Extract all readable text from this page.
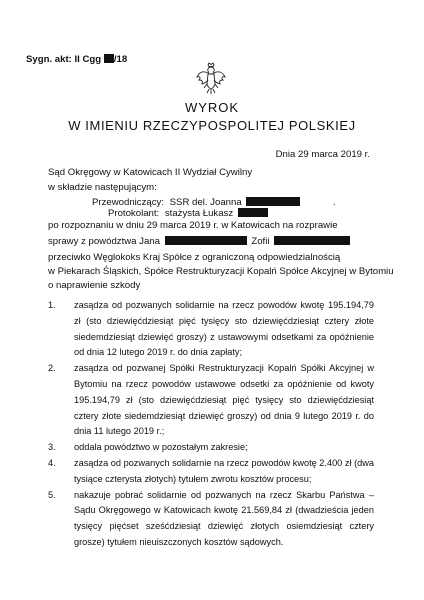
Sygn. akt: II Cgg /18
WYROK
W IMIENIU RZECZYPOSPOLITEJ POLSKIEJ
Dnia 29 marca 2019 r.
Sąd Okręgowy w Katowicach II Wydział Cywilny
w składzie następującym:
Przewodniczący: SSR del. Joanna	.
Protokolant: stażysta Łukasz
po rozpoznaniu w dniu 29 marca 2019 r. w Katowicach na rozprawie
sprawy z powództwa Jana	Zofii
przeciwko Węglokoks Kraj Spółce z ograniczoną odpowiedzialnością
w Piekarach Śląskich, Spółce Restrukturyzacji Kopalń Spółce Akcyjnej w Bytomiu
o naprawienie szkody
1. zasądza od pozwanych solidarnie na rzecz powodów kwotę 195.194,79 zł (sto dziewięćdziesiąt pięć tysięcy sto dziewięćdziesiąt cztery złote siedemdziesiąt dziewięć groszy) z ustawowymi odsetkami za opóźnienie od dnia 12 lutego 2019 r. do dnia zapłaty;
2. zasądza od pozwanej Spółki Restrukturyzacji Kopalń Spółki Akcyjnej w Bytomiu na rzecz powodów ustawowe odsetki za opóźnienie od kwoty 195.194,79 zł (sto dziewięćdziesiąt pięć tysięcy sto dziewięćdziesiąt cztery złote siedemdziesiąt dziewięć groszy) od dnia 9 lutego 2019 r. do dnia 11 lutego 2019 r.;
3. oddala powództwo w pozostałym zakresie;
4. zasądza od pozwanych solidarnie na rzecz powodów kwotę 2.400 zł (dwa tysiące czterysta złotych) tytułem zwrotu kosztów procesu;
5. nakazuje pobrać solidarnie od pozwanych na rzecz Skarbu Państwa – Sądu Okręgowego w Katowicach kwotę 21.569,84 zł (dwadzieścia jeden tysięcy pięćset sześćdziesiąt dziewięć złotych osiemdziesiąt cztery grosze) tytułem nieuiszczonych kosztów sądowych.
